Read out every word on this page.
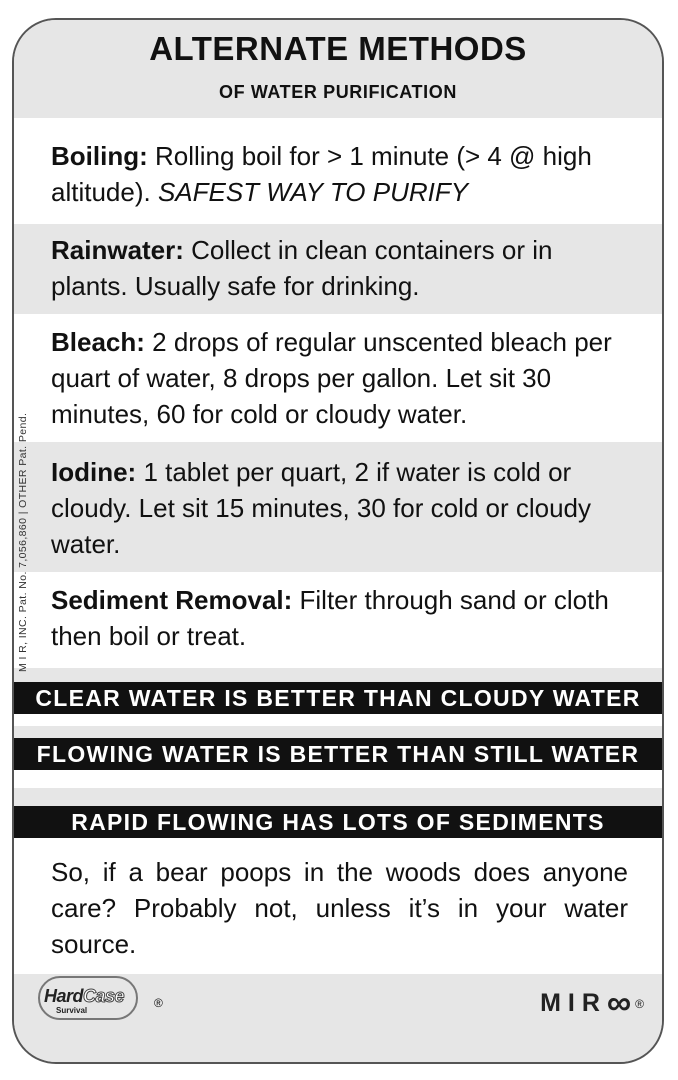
ALTERNATE METHODS
OF WATER PURIFICATION
Boiling: Rolling boil for > 1 minute (> 4 @ high altitude). SAFEST WAY TO PURIFY
Rainwater: Collect in clean containers or in plants. Usually safe for drinking.
Bleach: 2 drops of regular unscented bleach per quart of water, 8 drops per gallon. Let sit 30 minutes, 60 for cold or cloudy water.
Iodine: 1 tablet per quart, 2 if water is cold or cloudy. Let sit 15 minutes, 30 for cold or cloudy water.
Sediment Removal: Filter through sand or cloth then boil or treat.
CLEAR WATER IS BETTER THAN CLOUDY WATER
FLOWING WATER IS BETTER THAN STILL WATER
RAPID FLOWING HAS LOTS OF SEDIMENTS
So, if a bear poops in the woods does anyone care? Probably not, unless it’s in your water source.
M I R, INC. Pat. No. 7,056,860 | OTHER Pat. Pend.
HardCase
Survival
®	MIR ∞ ®
